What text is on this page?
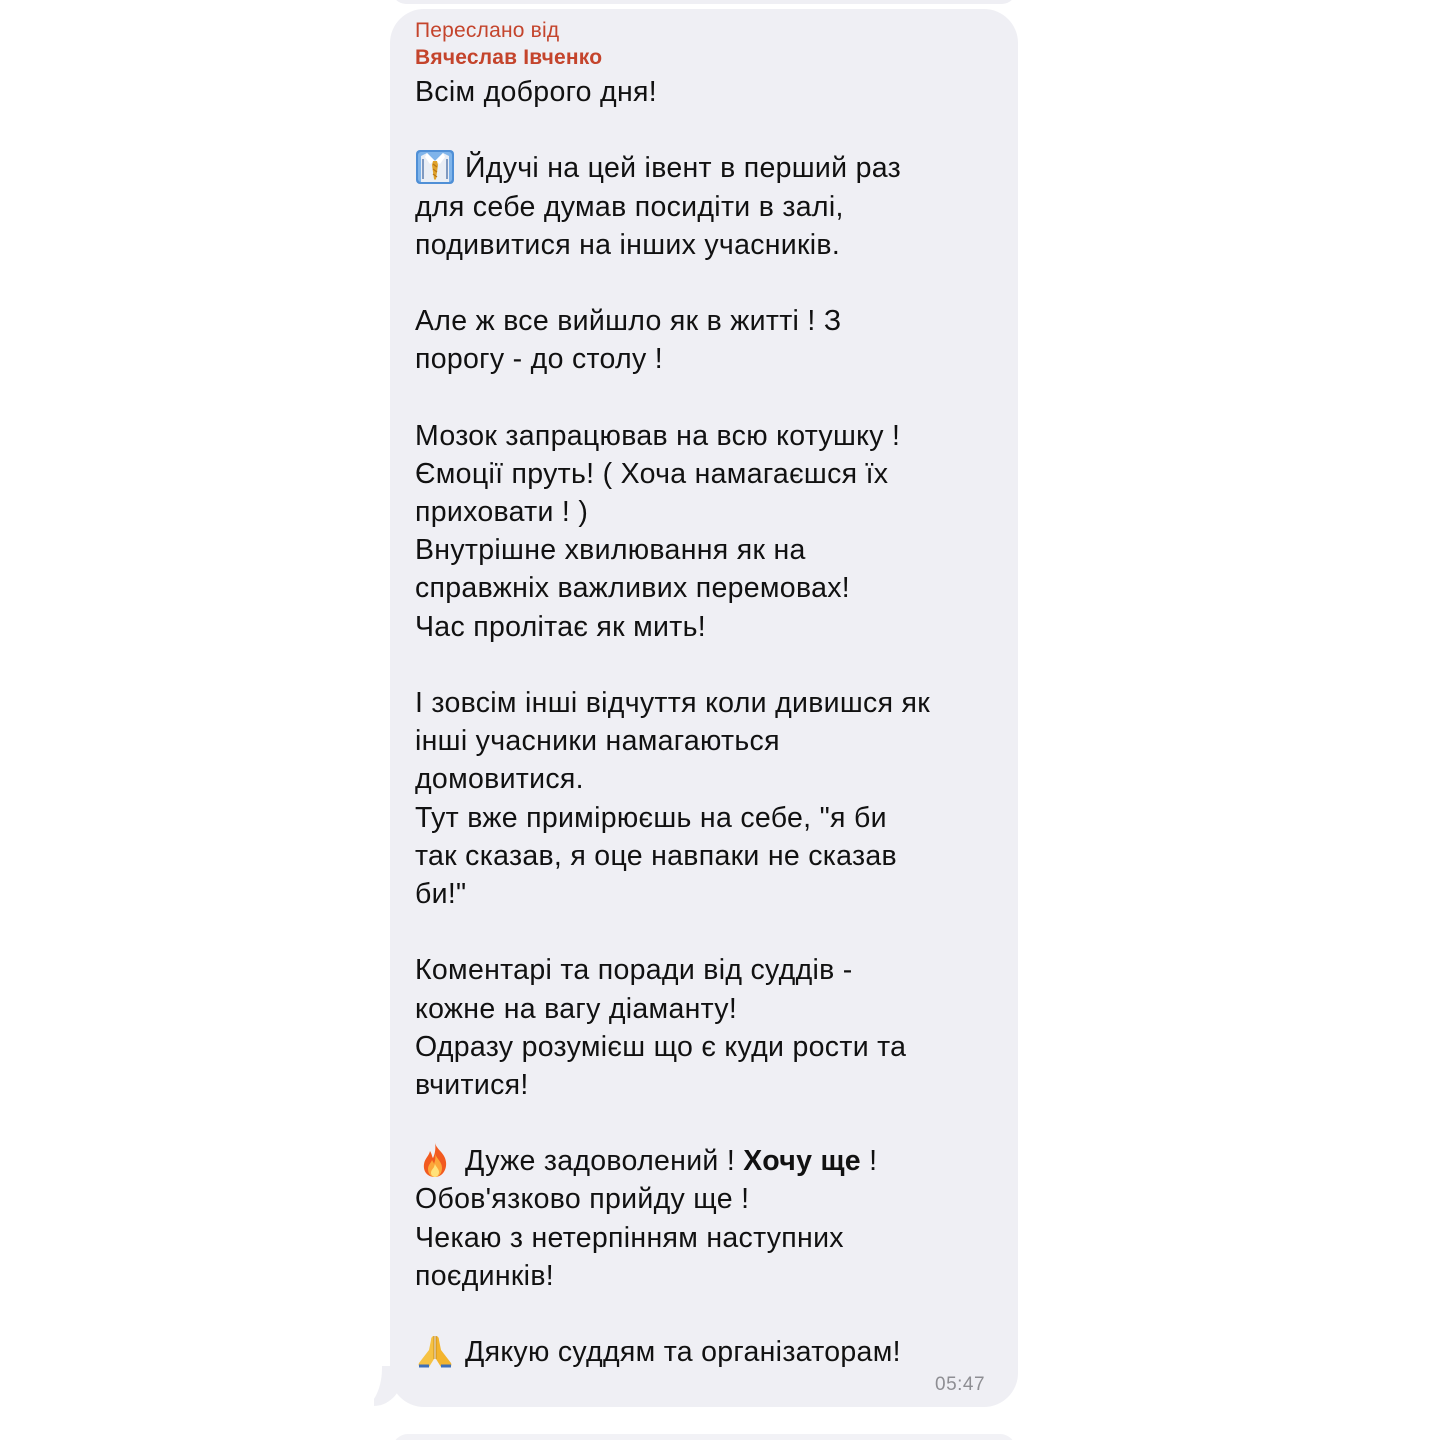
Переслано від
Вячеслав Івченко
Всім доброго дня!
Йдучі на цей івент в перший раз
для себе думав посидіти в залі,
подивитися на інших учасників.
Але ж все вийшло як в житті ! З
порогу - до столу !
Мозок запрацював на всю котушку !
Ємоції пруть! ( Хоча намагаєшся їх
приховати ! )
Внутрішне хвилювання як на
справжніх важливих перемовах!
Час пролітає як мить!
І зовсім інші відчуття коли дивишся як
інші учасники намагаються
домовитися.
Тут вже примірюєшь на себе, "я би
так сказав, я оце навпаки не сказав
би!"
Коментарі та поради від суддів -
кожне на вагу діаманту!
Одразу розумієш що є куди рости та
вчитися!
Дуже задоволений ! Хочу ще !
Обов'язково прийду ще !
Чекаю з нетерпінням наступних
поєдинків!
Дякую суддям та організаторам!
05:47
